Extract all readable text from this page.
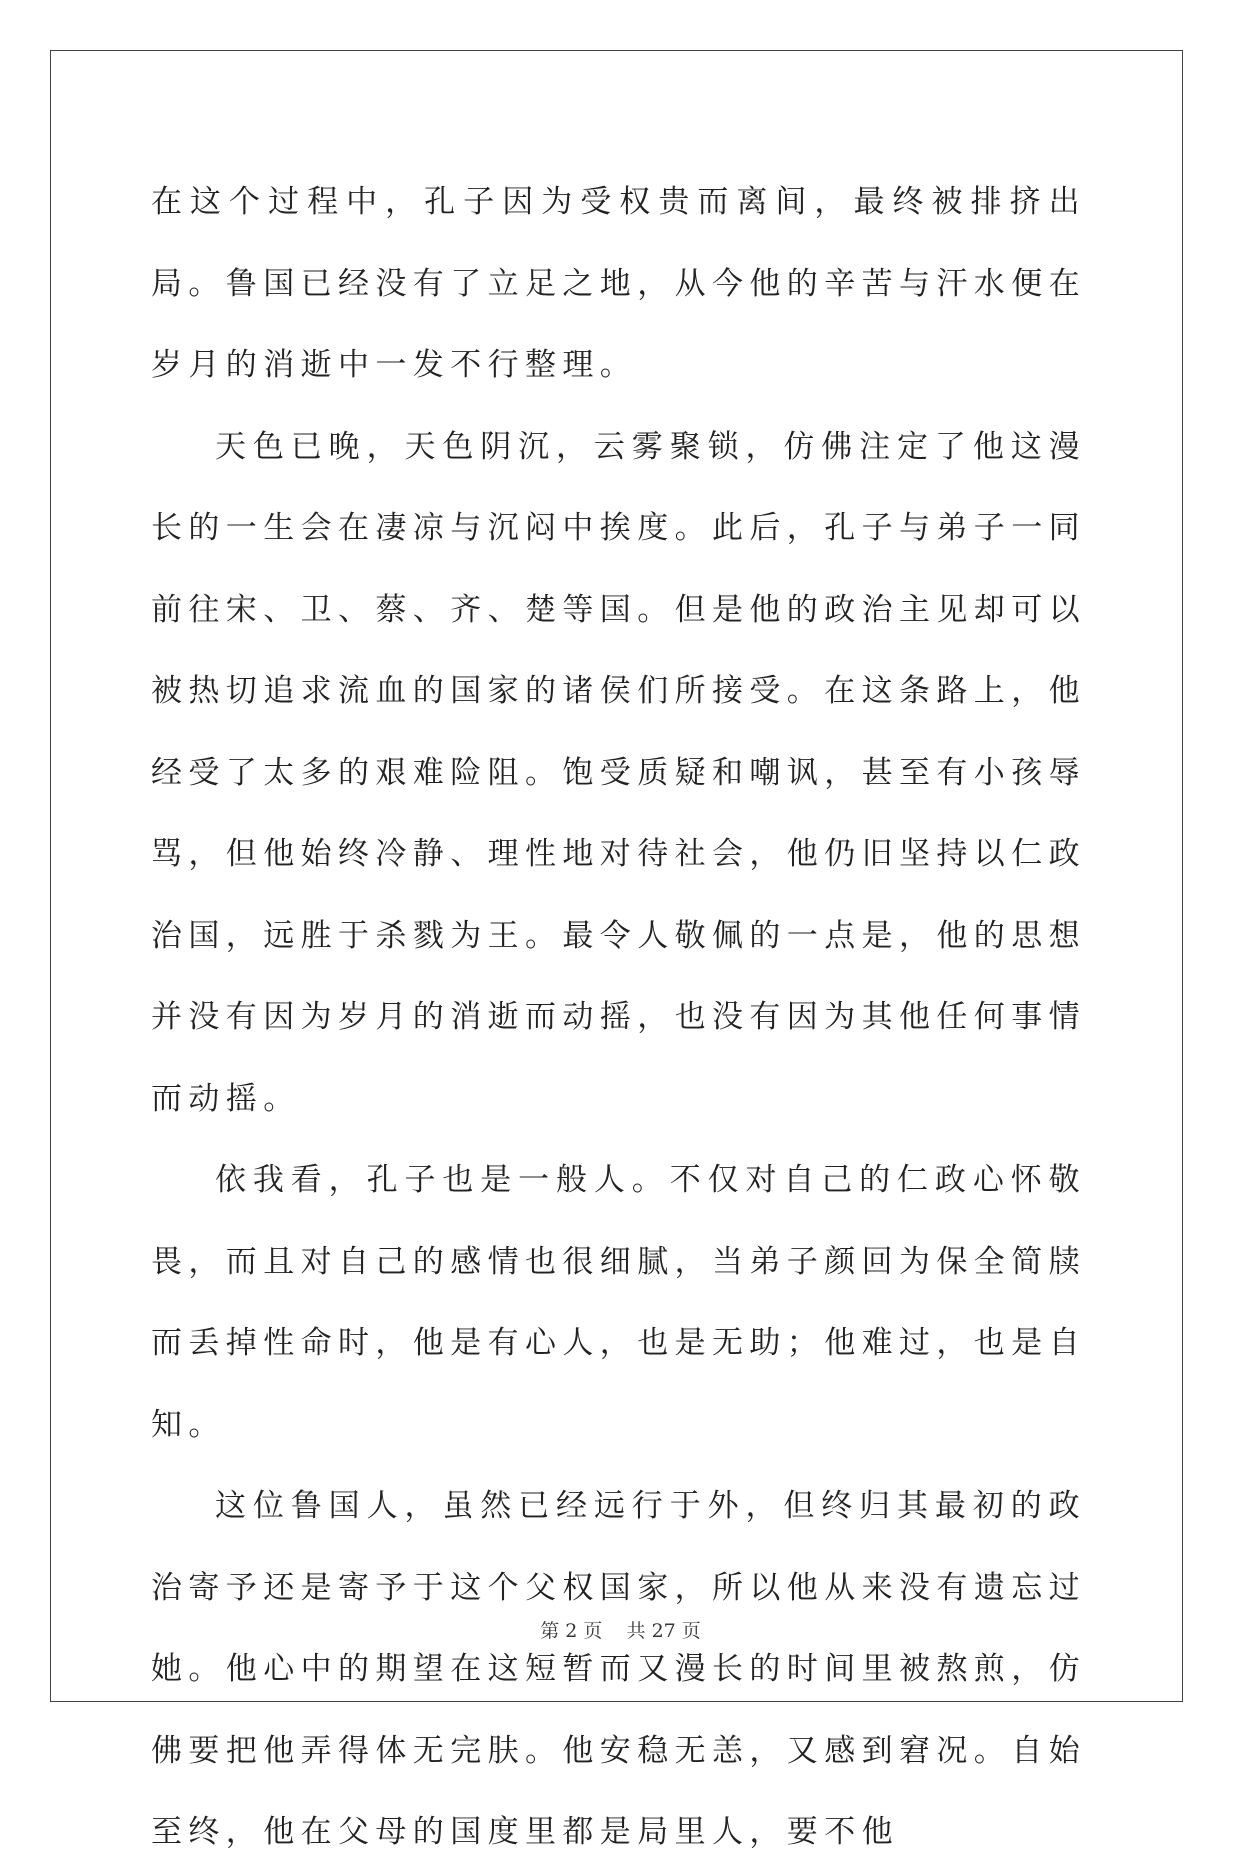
在这个过程中，孔子因为受权贵而离间，最终被排挤出局。鲁国已经没有了立足之地，从今他的辛苦与汗水便在岁月的消逝中一发不行整理。

天色已晚，天色阴沉，云雾聚锁，仿佛注定了他这漫长的一生会在凄凉与沉闷中挨度。此后，孔子与弟子一同前往宋、卫、蔡、齐、楚等国。但是他的政治主见却可以被热切追求流血的国家的诸侯们所接受。在这条路上，他经受了太多的艰难险阻。饱受质疑和嘲讽，甚至有小孩辱骂，但他始终冷静、理性地对待社会，他仍旧坚持以仁政治国，远胜于杀戮为王。最令人敬佩的一点是，他的思想并没有因为岁月的消逝而动摇，也没有因为其他任何事情而动摇。

依我看，孔子也是一般人。不仅对自己的仁政心怀敬畏，而且对自己的感情也很细腻，当弟子颜回为保全简牍而丢掉性命时，他是有心人，也是无助；他难过，也是自知。

这位鲁国人，虽然已经远行于外，但终归其最初的政治寄予还是寄予于这个父权国家，所以他从来没有遗忘过她。他心中的期望在这短暂而又漫长的时间里被熬煎，仿佛要把他弄得体无完肤。他安稳无恙，又感到窘况。自始至终，他在父母的国度里都是局里人，要不他

第 2 页    共 27 页
